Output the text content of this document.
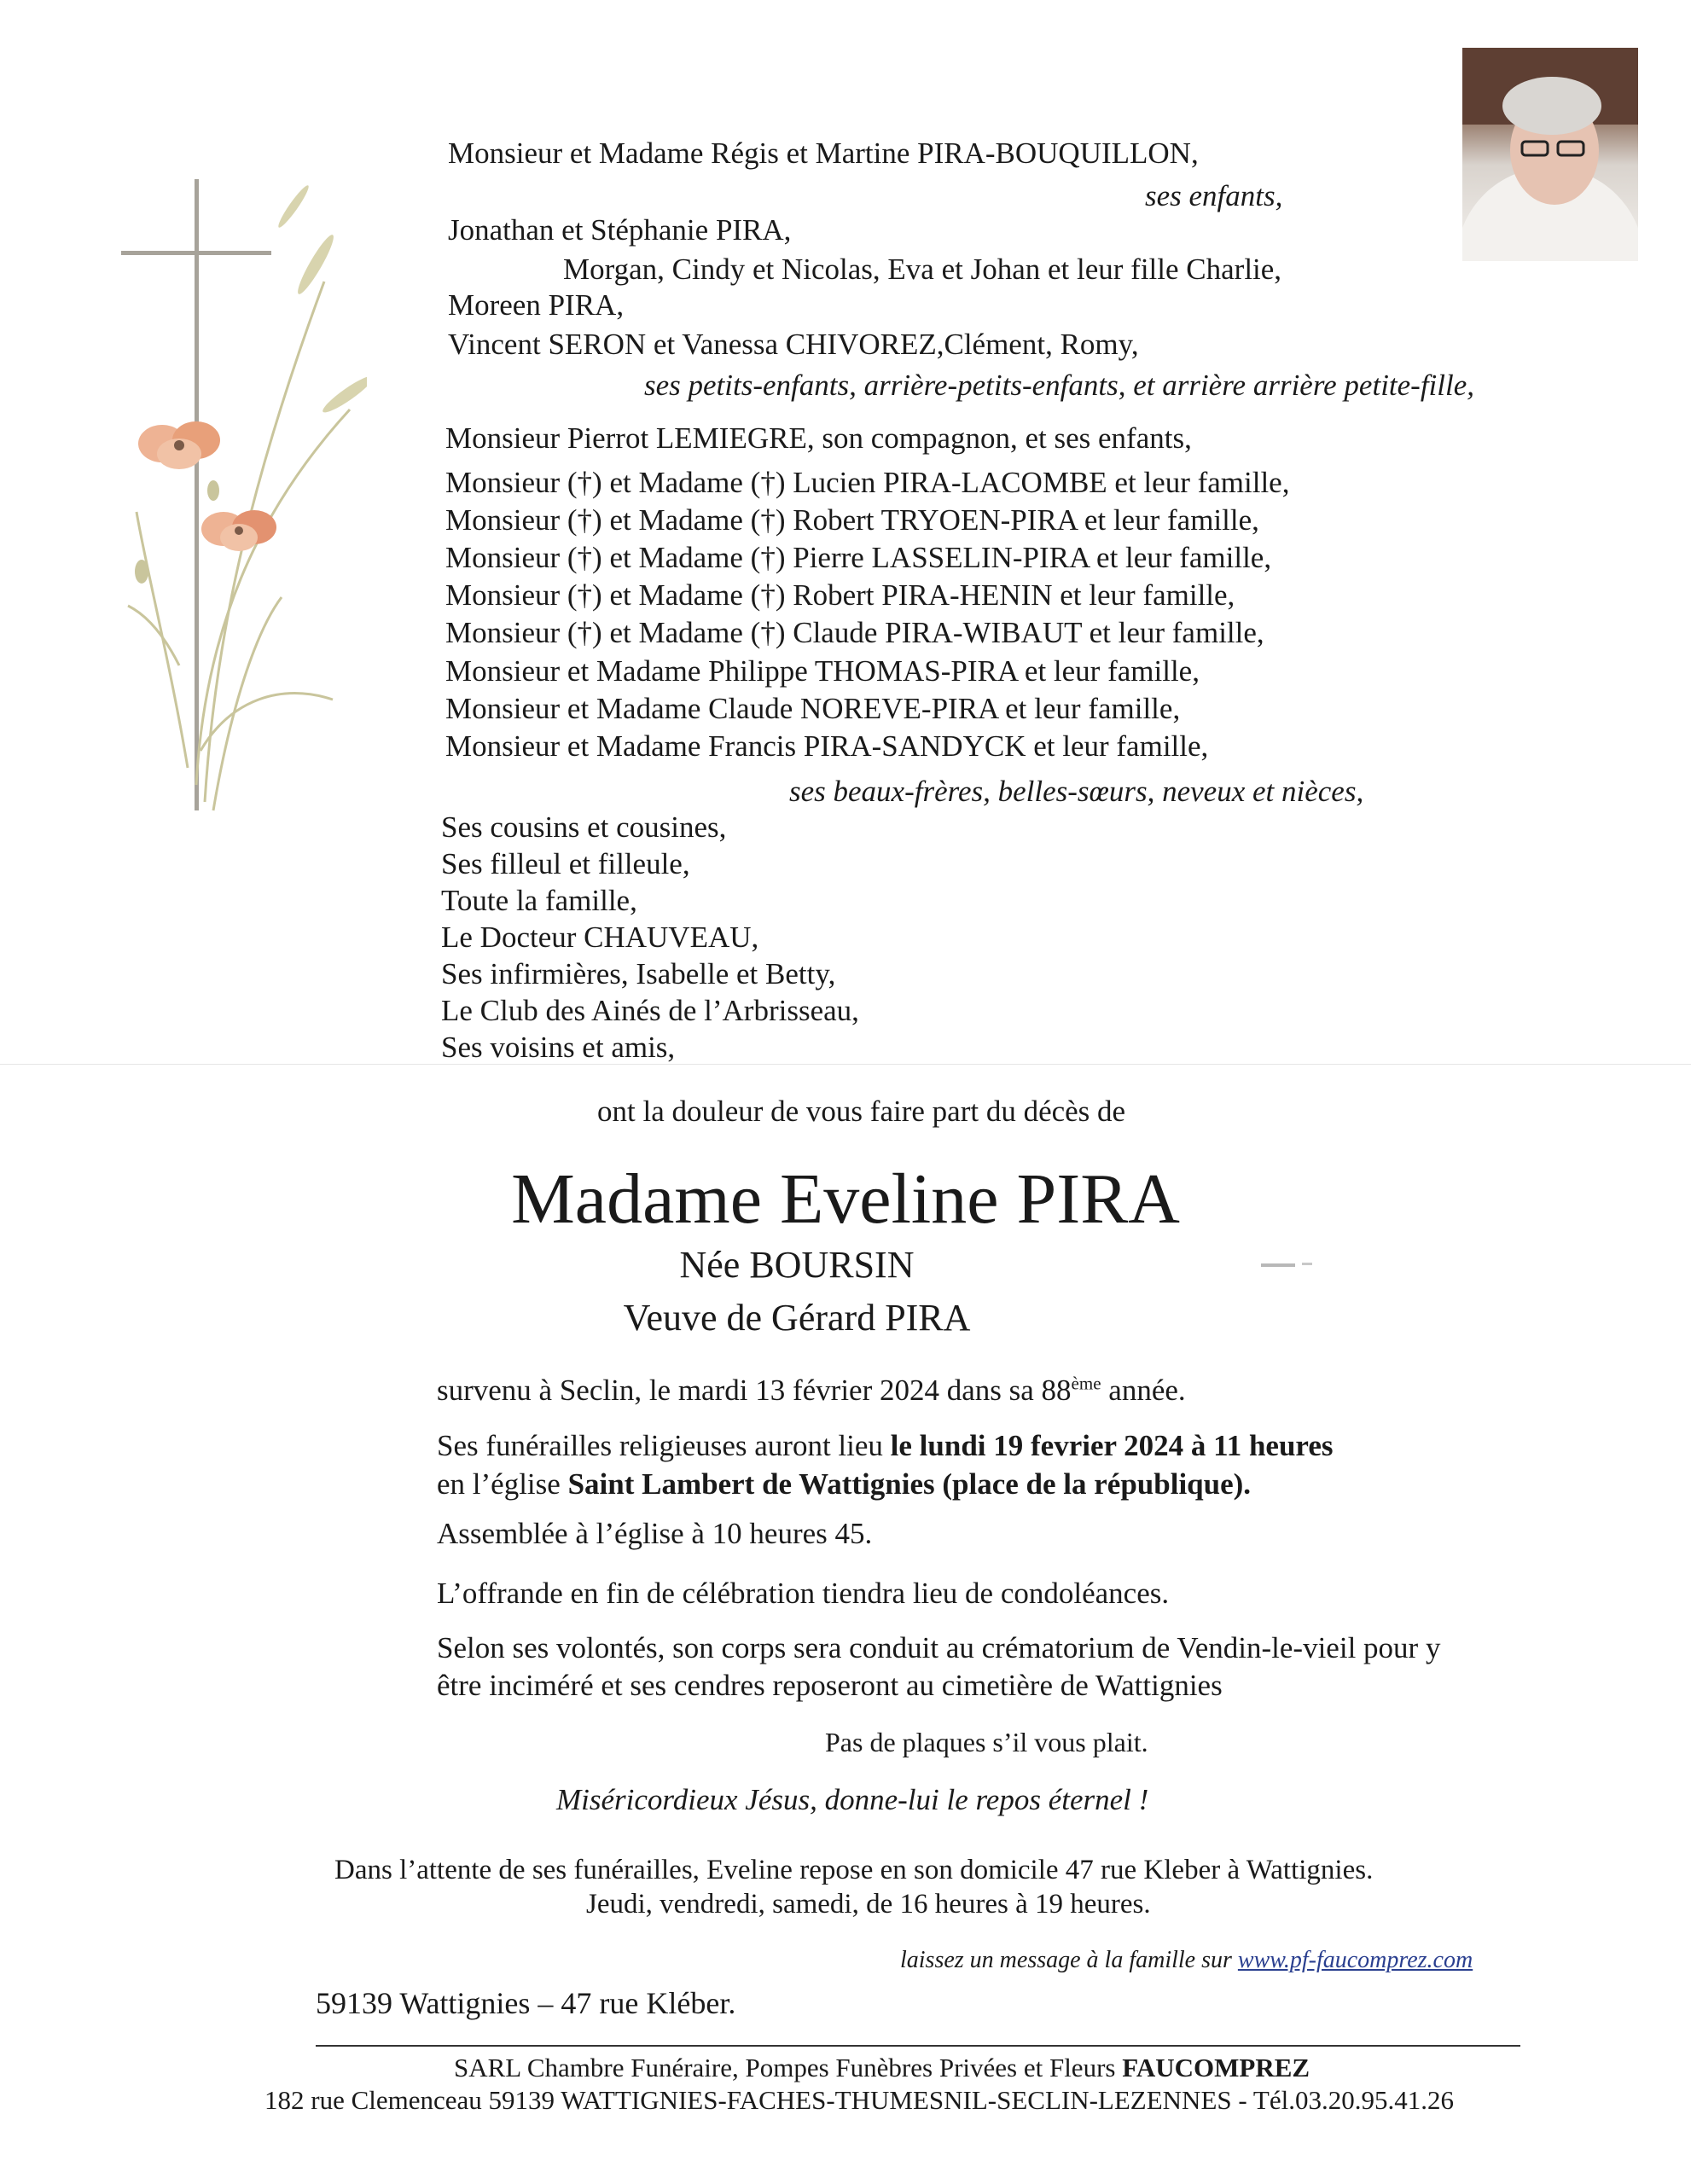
Monsieur et Madame Régis et Martine PIRA-BOUQUILLON,
ses enfants,
Jonathan et Stéphanie PIRA,
Morgan, Cindy et Nicolas, Eva et Johan et leur fille Charlie,
Moreen PIRA,
Vincent SERON et Vanessa CHIVOREZ,Clément, Romy,
ses petits-enfants, arrière-petits-enfants, et arrière arrière petite-fille,
Monsieur Pierrot LEMIEGRE, son compagnon, et ses enfants,
Monsieur (†) et Madame (†) Lucien PIRA-LACOMBE et leur famille,
Monsieur (†) et Madame (†) Robert TRYOEN-PIRA et leur famille,
Monsieur (†) et Madame (†) Pierre LASSELIN-PIRA et leur famille,
Monsieur (†) et Madame (†) Robert PIRA-HENIN et leur famille,
Monsieur (†) et Madame (†) Claude PIRA-WIBAUT et leur famille,
Monsieur et Madame Philippe THOMAS-PIRA et leur famille,
Monsieur et Madame Claude NOREVE-PIRA et leur famille,
Monsieur et Madame Francis PIRA-SANDYCK et leur famille,
ses beaux-frères, belles-sœurs, neveux et nièces,
Ses cousins et cousines,
Ses filleul et filleule,
Toute la famille,
Le Docteur CHAUVEAU,
Ses infirmières, Isabelle et Betty,
Le Club des Ainés de l’Arbrisseau,
Ses voisins et amis,
ont la douleur de vous faire part du décès de
Madame Eveline PIRA
Née BOURSIN
Veuve de Gérard PIRA
survenu à Seclin, le mardi 13 février 2024 dans sa 88ème année.
Ses funérailles religieuses auront lieu le lundi 19 fevrier 2024 à 11 heures
en l’église Saint Lambert de Wattignies (place de la république).
Assemblée à l’église à 10 heures 45.
L’offrande en fin de célébration tiendra lieu de condoléances.
Selon ses volontés, son corps sera conduit au crématorium de Vendin-le-vieil pour y
être inciméré et ses cendres reposeront au cimetière de Wattignies
Pas de plaques s’il vous plait.
Miséricordieux Jésus, donne-lui le repos éternel !
Dans l’attente de ses funérailles, Eveline repose en son domicile 47 rue Kleber à Wattignies.
Jeudi, vendredi, samedi, de 16 heures à 19 heures.
laissez un message à la famille sur www.pf-faucomprez.com
59139 Wattignies – 47 rue Kléber.
SARL Chambre Funéraire, Pompes Funèbres Privées et Fleurs FAUCOMPREZ
182 rue Clemenceau 59139 WATTIGNIES-FACHES-THUMESNIL-SECLIN-LEZENNES - Tél.03.20.95.41.26
